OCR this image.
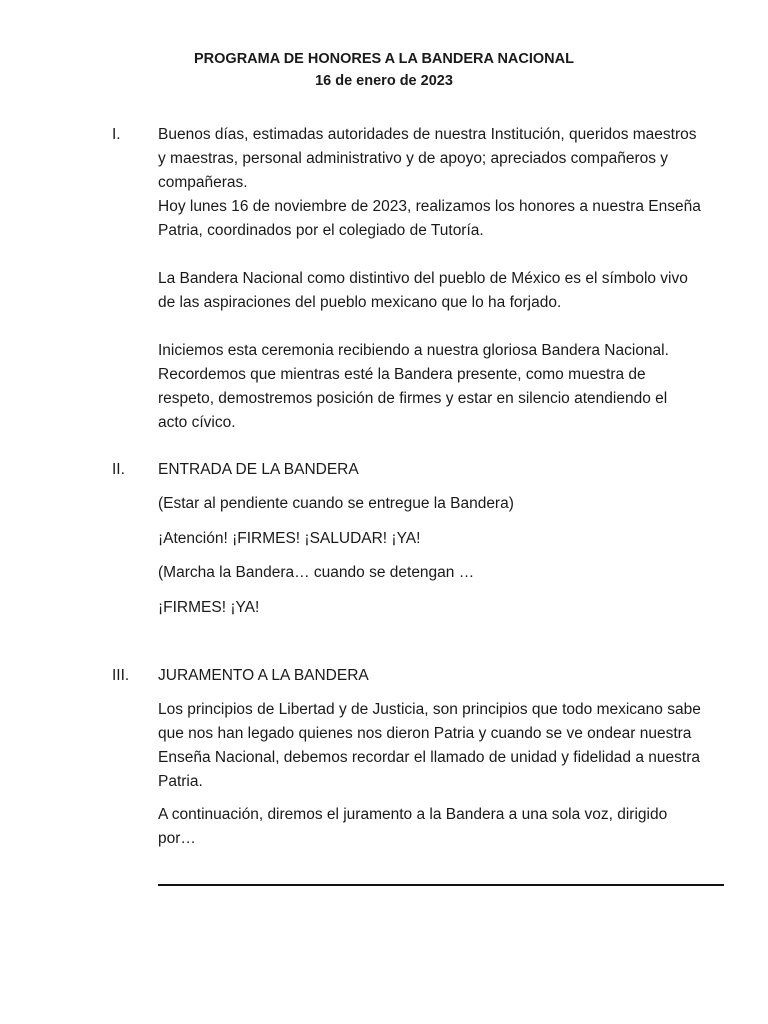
PROGRAMA DE HONORES A LA BANDERA NACIONAL
16 de enero de 2023
I. Buenos días, estimadas autoridades de nuestra Institución, queridos maestros
y maestras, personal administrativo y de apoyo; apreciados compañeros y
compañeras.
Hoy lunes 16 de noviembre de 2023, realizamos los honores a nuestra Enseña
Patria, coordinados por el colegiado de Tutoría.

La Bandera Nacional como distintivo del pueblo de México es el símbolo vivo
de las aspiraciones del pueblo mexicano que lo ha forjado.

Iniciemos esta ceremonia recibiendo a nuestra gloriosa Bandera Nacional.
Recordemos que mientras esté la Bandera presente, como muestra de
respeto, demostremos posición de firmes y estar en silencio atendiendo el
acto cívico.

II. ENTRADA DE LA BANDERA

(Estar al pendiente cuando se entregue la Bandera)

¡Atención! ¡FIRMES! ¡SALUDAR! ¡YA!

(Marcha la Bandera… cuando se detengan …

¡FIRMES! ¡YA!

III. JURAMENTO A LA BANDERA

Los principios de Libertad y de Justicia, son principios que todo mexicano sabe
que nos han legado quienes nos dieron Patria y cuando se ve ondear nuestra
Enseña Nacional, debemos recordar el llamado de unidad y fidelidad a nuestra
Patria.

A continuación, diremos el juramento a la Bandera a una sola voz, dirigido
por…
